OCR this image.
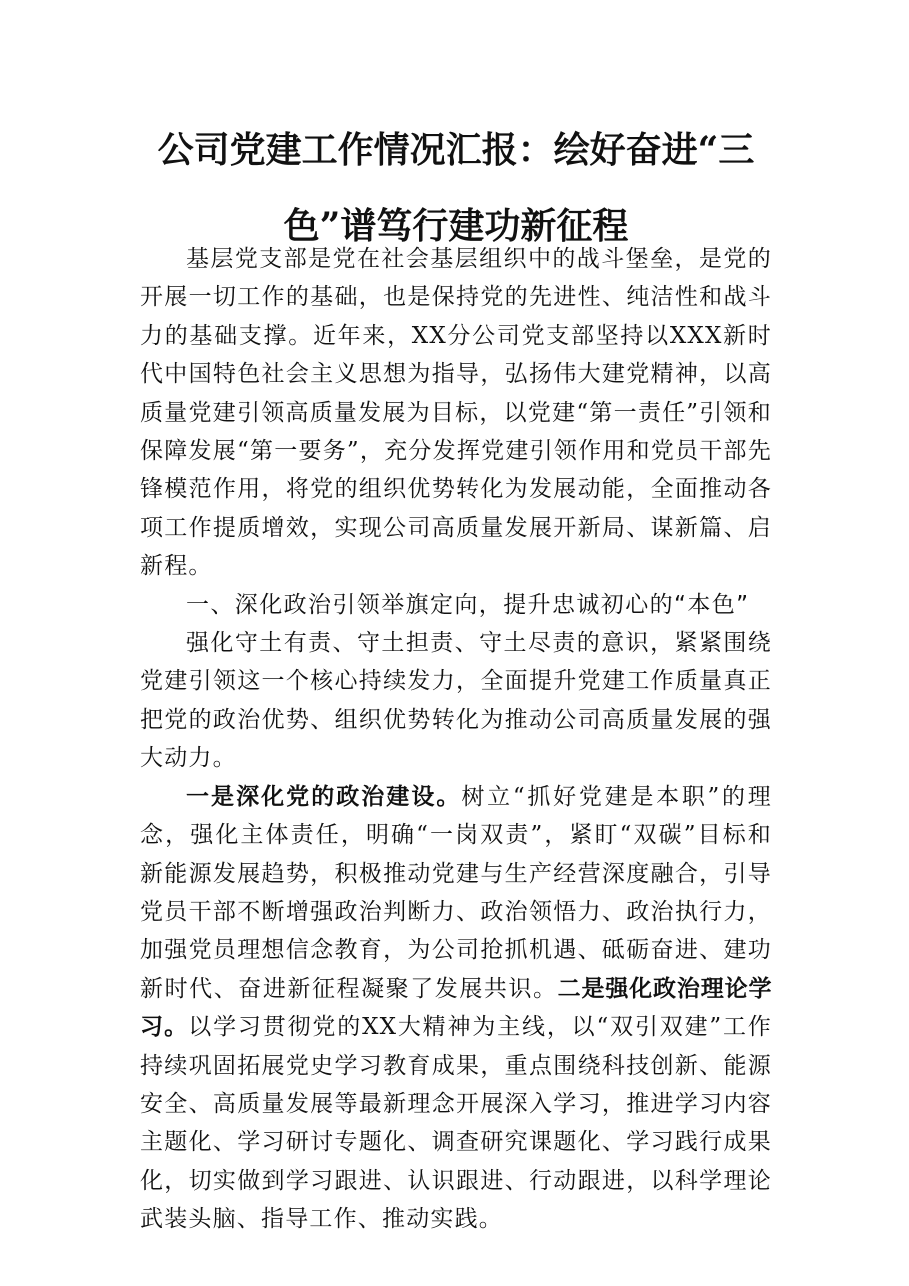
公司党建工作情况汇报：绘好奋进“三色”谱笃行建功新征程

基层党支部是党在社会基层组织中的战斗堡垒，是党的开展一切工作的基础，也是保持党的先进性、纯洁性和战斗力的基础支撑。近年来，XX分公司党支部坚持以XXX新时代中国特色社会主义思想为指导，弘扬伟大建党精神，以高质量党建引领高质量发展为目标，以党建“第一责任”引领和保障发展“第一要务”，充分发挥党建引领作用和党员干部先锋模范作用，将党的组织优势转化为发展动能，全面推动各项工作提质增效，实现公司高质量发展开新局、谋新篇、启新程。

一、深化政治引领举旗定向，提升忠诚初心的“本色”

强化守土有责、守土担责、守土尽责的意识，紧紧围绕党建引领这一个核心持续发力，全面提升党建工作质量真正把党的政治优势、组织优势转化为推动公司高质量发展的强大动力。

一是深化党的政治建设。树立“抓好党建是本职”的理念，强化主体责任，明确“一岗双责”，紧盯“双碳”目标和新能源发展趋势，积极推动党建与生产经营深度融合，引导党员干部不断增强政治判断力、政治领悟力、政治执行力，加强党员理想信念教育，为公司抢抓机遇、砥砺奋进、建功新时代、奋进新征程凝聚了发展共识。二是强化政治理论学习。以学习贯彻党的XX大精神为主线，以“双引双建”工作持续巩固拓展党史学习教育成果，重点围绕科技创新、能源安全、高质量发展等最新理念开展深入学习，推进学习内容主题化、学习研讨专题化、调查研究课题化、学习践行成果化，切实做到学习跟进、认识跟进、行动跟进，以科学理论武装头脑、指导工作、推动实践。
